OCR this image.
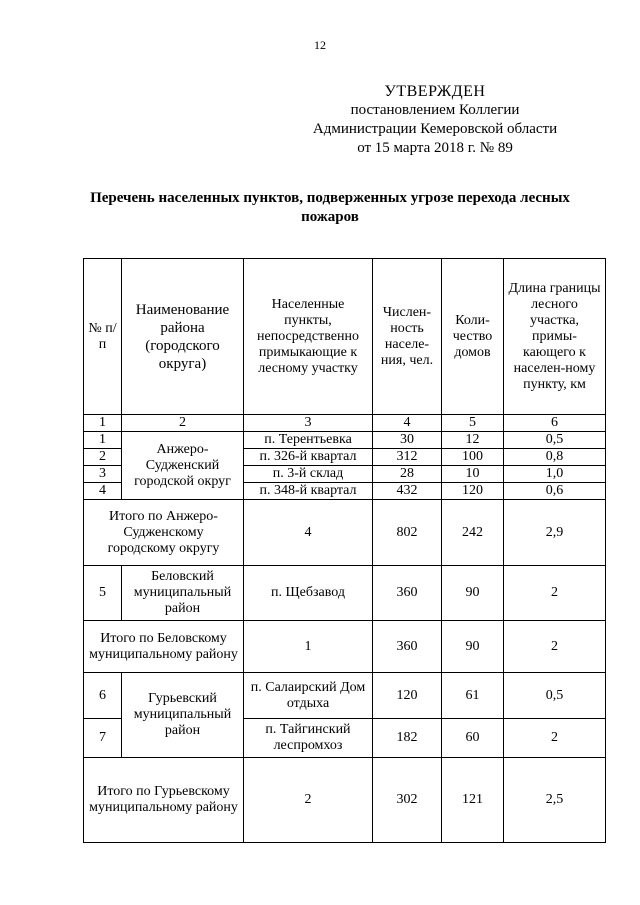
12
УТВЕРЖДЕН
постановлением Коллегии
Администрации Кемеровской области
от 15 марта 2018 г. № 89
Перечень населенных пунктов, подверженных угрозе перехода лесных пожаров
№ п/п	Наименование района (городского округа)	Населенные пункты, непосредственно примыкающие к лесному участку	Числен-ность населе-ния, чел.	Коли-чество домов	Длина границы лесного участка, примы-кающего к населен-ному пункту, км
1	2	3	4	5	6
1	Анжеро-Судженский городской округ	п. Терентьевка	30	12	0,5
2		п. 326-й квартал	312	100	0,8
3		п. 3-й склад	28	10	1,0
4		п. 348-й квартал	432	120	0,6
Итого по Анжеро-Судженскому городскому округу		4	802	242	2,9
5	Беловский муниципальный район	п. Щебзавод	360	90	2
Итого по Беловскому муниципальному району		1	360	90	2
6	Гурьевский муниципальный район	п. Салаирский Дом отдыха	120	61	0,5
7		п. Тайгинский леспромхоз	182	60	2
Итого по Гурьевскому муниципальному району		2	302	121	2,5
